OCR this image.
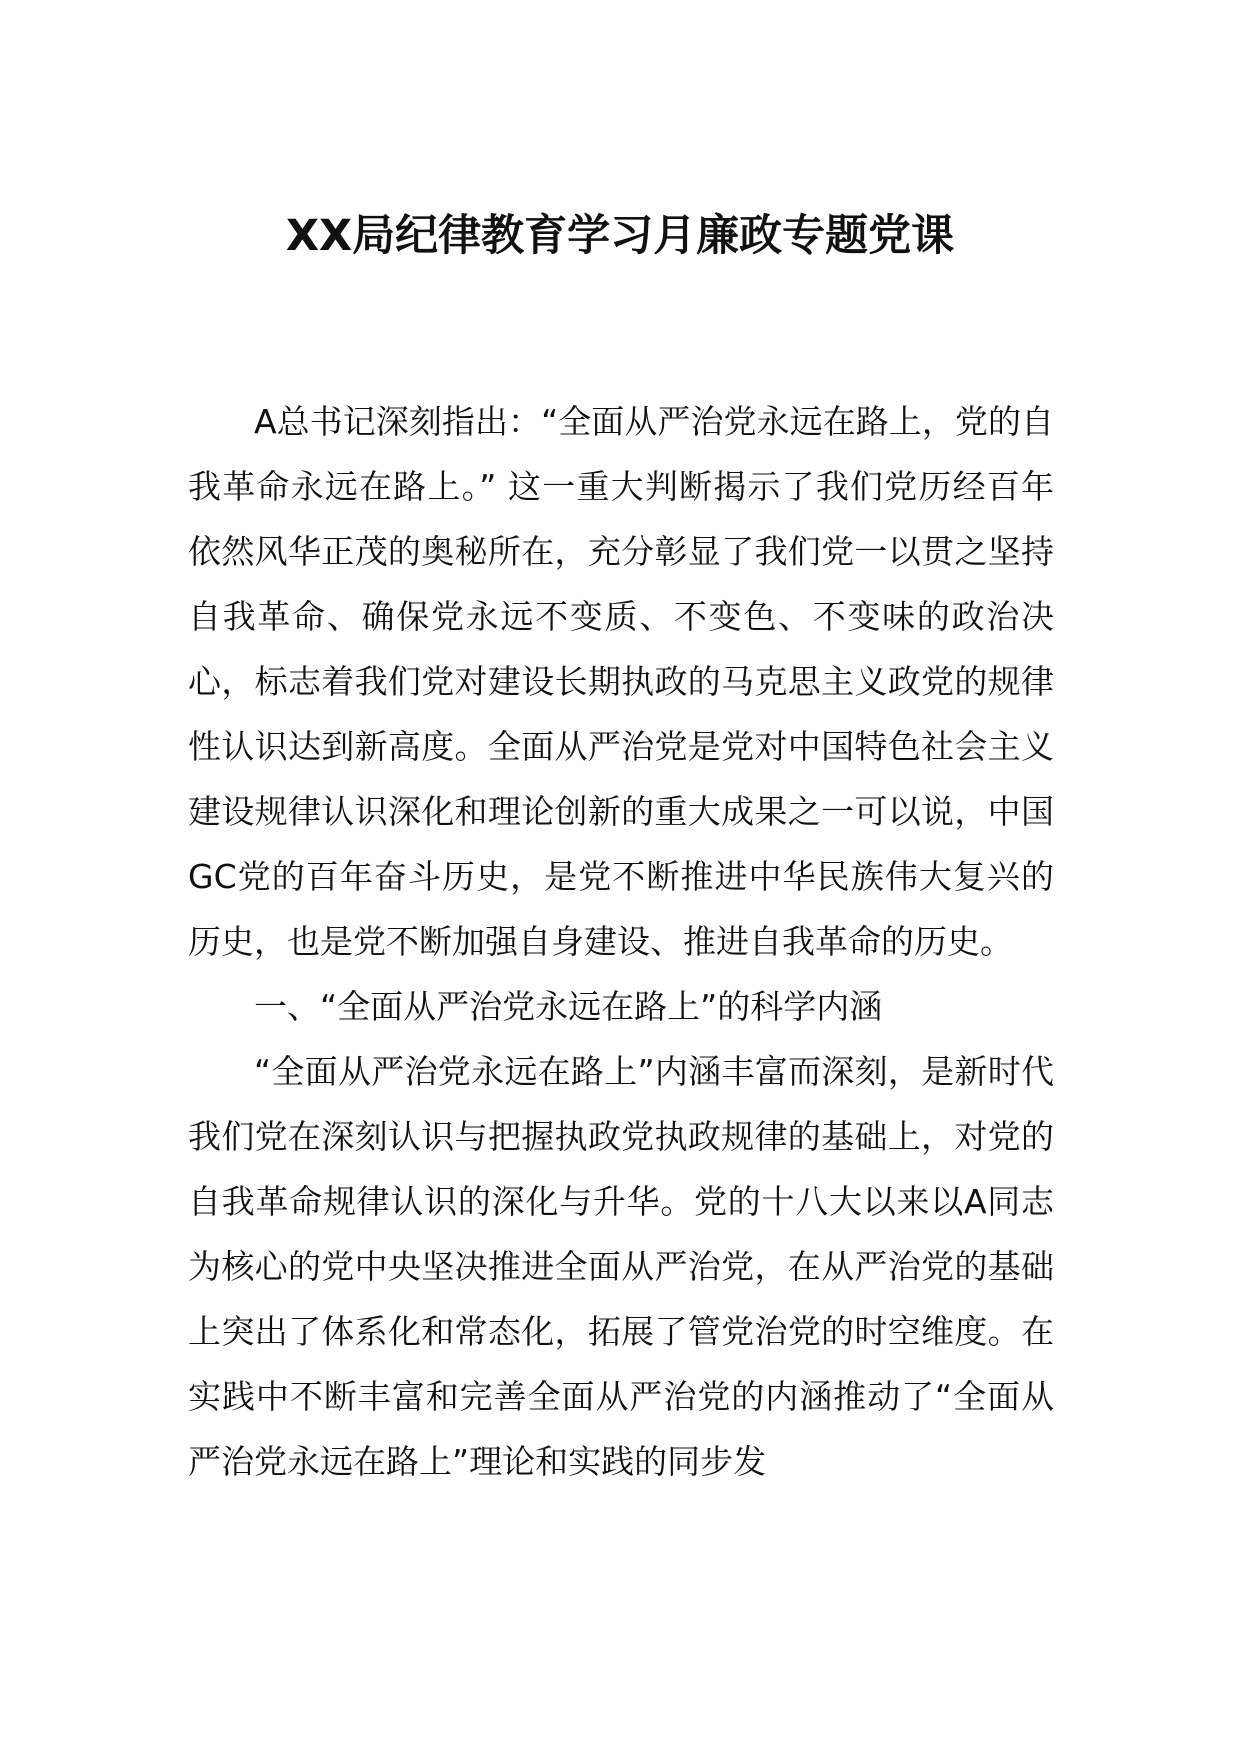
XX局纪律教育学习月廉政专题党课

A总书记深刻指出：“全面从严治党永远在路上，党的自我革命永远在路上。” 这一重大判断揭示了我们党历经百年依然风华正茂的奥秘所在，充分彰显了我们党一以贯之坚持自我革命、确保党永远不变质、不变色、不变味的政治决心，标志着我们党对建设长期执政的马克思主义政党的规律性认识达到新高度。全面从严治党是党对中国特色社会主义建设规律认识深化和理论创新的重大成果之一可以说，中国GC党的百年奋斗历史，是党不断推进中华民族伟大复兴的历史，也是党不断加强自身建设、推进自我革命的历史。

一、“全面从严治党永远在路上”的科学内涵

“全面从严治党永远在路上”内涵丰富而深刻，是新时代我们党在深刻认识与把握执政党执政规律的基础上，对党的自我革命规律认识的深化与升华。党的十八大以来以A同志为核心的党中央坚决推进全面从严治党，在从严治党的基础上突出了体系化和常态化，拓展了管党治党的时空维度。在实践中不断丰富和完善全面从严治党的内涵推动了“全面从严治党永远在路上”理论和实践的同步发
